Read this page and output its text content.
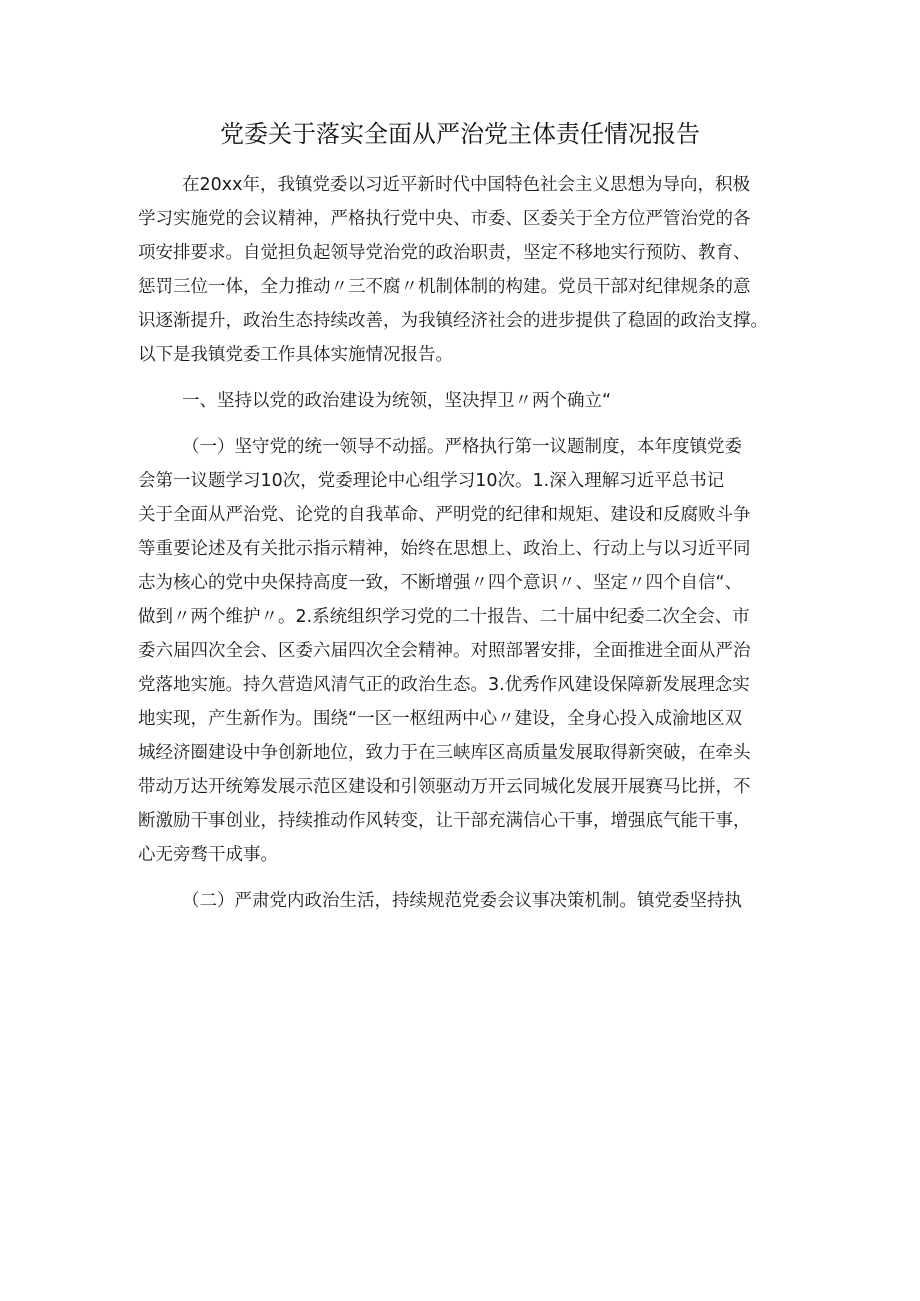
党委关于落实全面从严治党主体责任情况报告
在20xx年，我镇党委以习近平新时代中国特色社会主义思想为导向，积极
学习实施党的会议精神，严格执行党中央、市委、区委关于全方位严管治党的各
项安排要求。自觉担负起领导党治党的政治职责，坚定不移地实行预防、教育、
惩罚三位一体，全力推动〃三不腐〃机制体制的构建。党员干部对纪律规条的意
识逐渐提升，政治生态持续改善，为我镇经济社会的进步提供了稳固的政治支撑。
以下是我镇党委工作具体实施情况报告。
一、坚持以党的政治建设为统领，坚决捍卫〃两个确立“
（一）坚守党的统一领导不动摇。严格执行第一议题制度，本年度镇党委
会第一议题学习10次，党委理论中心组学习10次。1.深入理解习近平总书记
关于全面从严治党、论党的自我革命、严明党的纪律和规矩、建设和反腐败斗争
等重要论述及有关批示指示精神，始终在思想上、政治上、行动上与以习近平同
志为核心的党中央保持高度一致，不断增强〃四个意识〃、坚定〃四个自信“、
做到〃两个维护〃。2.系统组织学习党的二十报告、二十届中纪委二次全会、市
委六届四次全会、区委六届四次全会精神。对照部署安排，全面推进全面从严治
党落地实施。持久营造风清气正的政治生态。3.优秀作风建设保障新发展理念实
地实现，产生新作为。围绕“一区一枢纽两中心〃建设，全身心投入成渝地区双
城经济圈建设中争创新地位，致力于在三峡库区高质量发展取得新突破，在牵头
带动万达开统筹发展示范区建设和引领驱动万开云同城化发展开展赛马比拼，不
断激励干事创业，持续推动作风转变，让干部充满信心干事，增强底气能干事，
心无旁骛干成事。
（二）严肃党内政治生活，持续规范党委会议事决策机制。镇党委坚持执
